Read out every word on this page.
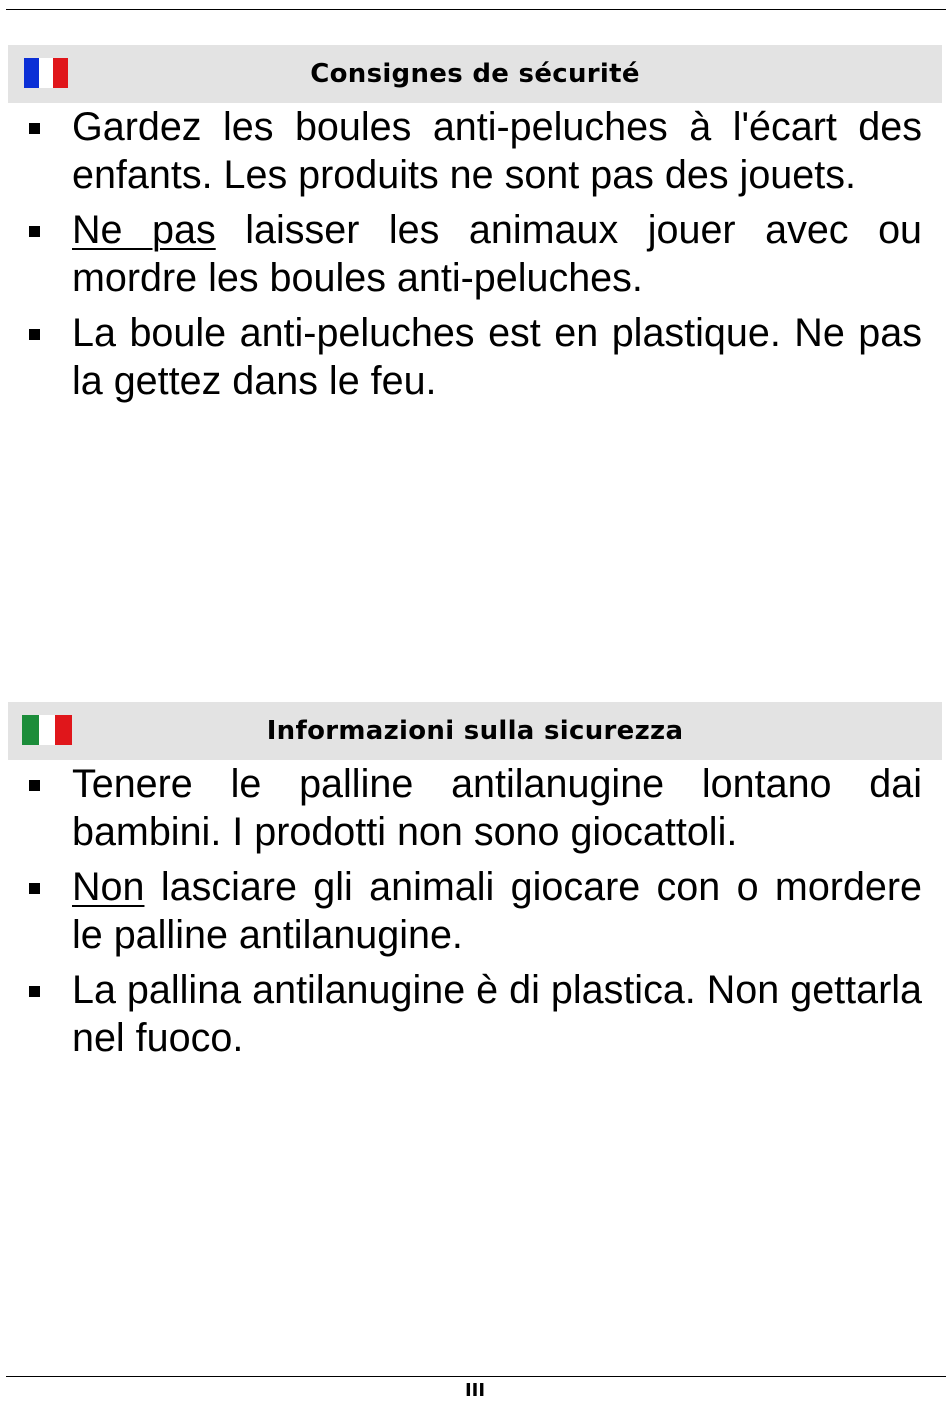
Consignes de sécurité
Gardez les boules anti-peluches à l'écart des enfants. Les produits ne sont pas des jouets.
Ne pas laisser les animaux jouer avec ou mordre les boules anti-peluches.
La boule anti-peluches est en plastique. Ne pas la gettez dans le feu.
Informazioni sulla sicurezza
Tenere le palline antilanugine lontano dai bambini. I prodotti non sono giocattoli.
Non lasciare gli animali giocare con o mordere le palline antilanugine.
La pallina antilanugine è di plastica. Non gettarla nel fuoco.
III
